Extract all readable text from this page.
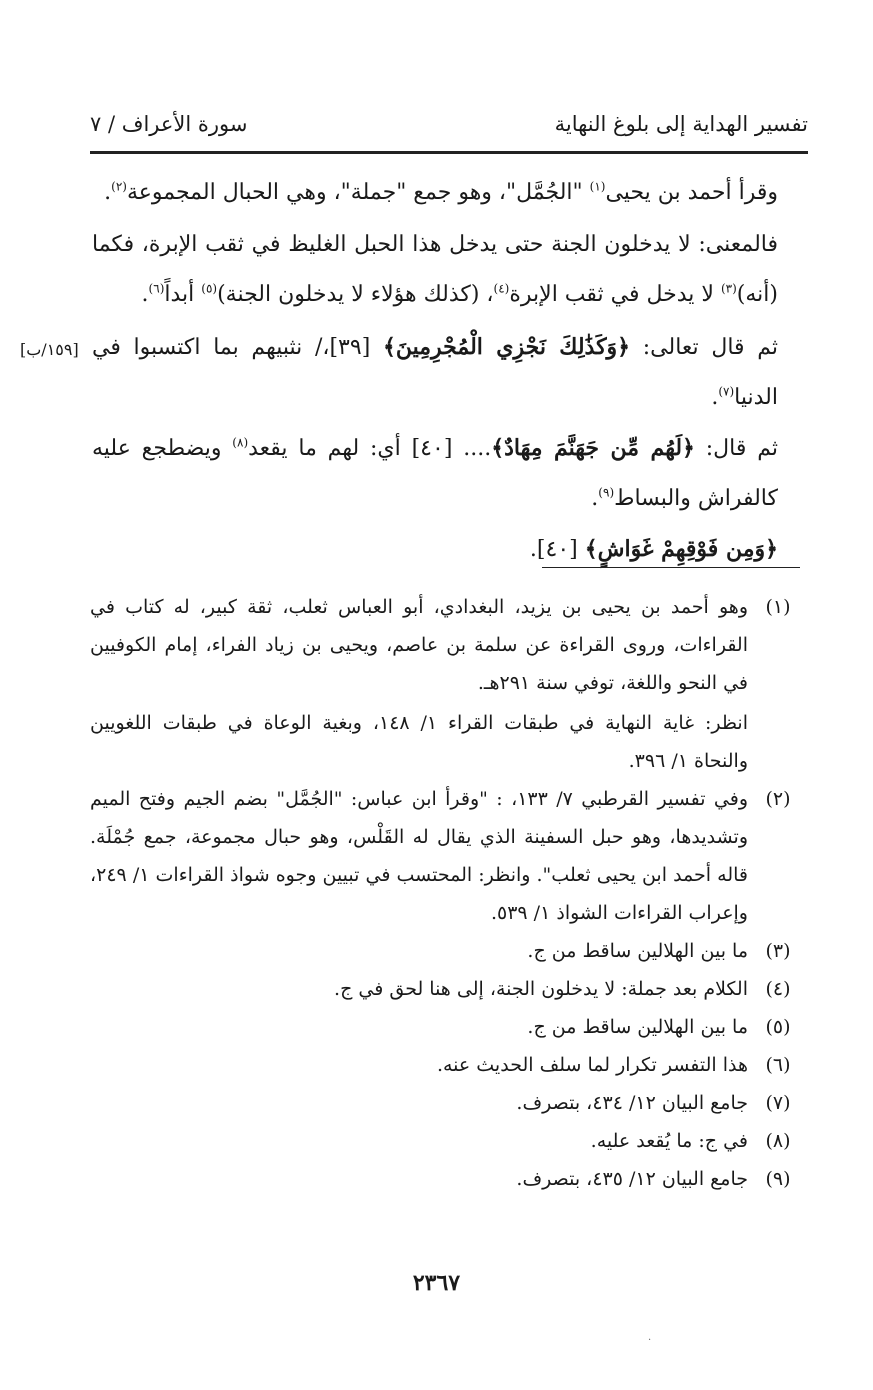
تفسير الهداية إلى بلوغ النهاية
سورة الأعراف / ٧
[١٥٩/ب]

وقرأ أحمد بن يحيى$^{(١)}$ "الجُمَّل"، وهو جمع "جملة"، وهي الحبال المجموعة$^{(٢)}$.

فالمعنى: لا يدخلون الجنة حتى يدخل هذا الحبل الغليظ في ثقب الإبرة، فكما (أنه)$^{(٣)}$ لا يدخل في ثقب الإبرة$^{(٤)}$، (كذلك هؤلاء لا يدخلون الجنة)$^{(٥)}$ أبداً$^{(٦)}$.

ثم قال تعالى: ﴿وَكَذَٰلِكَ نَجْزِي الْمُجْرِمِينَ﴾ [٣٩]،/ نثبيهم بما اكتسبوا في الدنيا$^{(٧)}$.

ثم قال: ﴿لَهُم مِّن جَهَنَّمَ مِهَادٌ﴾.... [٤٠] أي: لهم ما يقعد$^{(٨)}$ ويضطجع عليه كالفراش والبساط$^{(٩)}$.

﴿وَمِن فَوْقِهِمْ غَوَاشٍ﴾ [٤٠].

(١)
وهو أحمد بن يحيى بن يزيد، البغدادي، أبو العباس ثعلب، ثقة كبير، له كتاب في القراءات، وروى القراءة عن سلمة بن عاصم، ويحيى بن زياد الفراء، إمام الكوفيين في النحو واللغة، توفي سنة ٢٩١هـ.
انظر: غاية النهاية في طبقات القراء ١/ ١٤٨، وبغية الوعاة في طبقات اللغويين والنحاة ١/ ٣٩٦.
(٢)
وفي تفسير القرطبي ٧/ ١٣٣، : "وقرأ ابن عباس: "الجُمَّل" بضم الجيم وفتح الميم وتشديدها، وهو حبل السفينة الذي يقال له القَلْس، وهو حبال مجموعة، جمع جُمْلَة. قاله أحمد ابن يحيى ثعلب". وانظر: المحتسب في تبيين وجوه شواذ القراءات ١/ ٢٤٩، وإعراب القراءات الشواذ ١/ ٥٣٩.
(٣)
ما بين الهلالين ساقط من ج.
(٤)
الكلام بعد جملة: لا يدخلون الجنة، إلى هنا لحق في ج.
(٥)
ما بين الهلالين ساقط من ج.
(٦)
هذا التفسر تكرار لما سلف الحديث عنه.
(٧)
جامع البيان ١٢/ ٤٣٤، بتصرف.
(٨)
في ج: ما يُقعد عليه.
(٩)
جامع البيان ١٢/ ٤٣٥، بتصرف.
٢٣٦٧
.
